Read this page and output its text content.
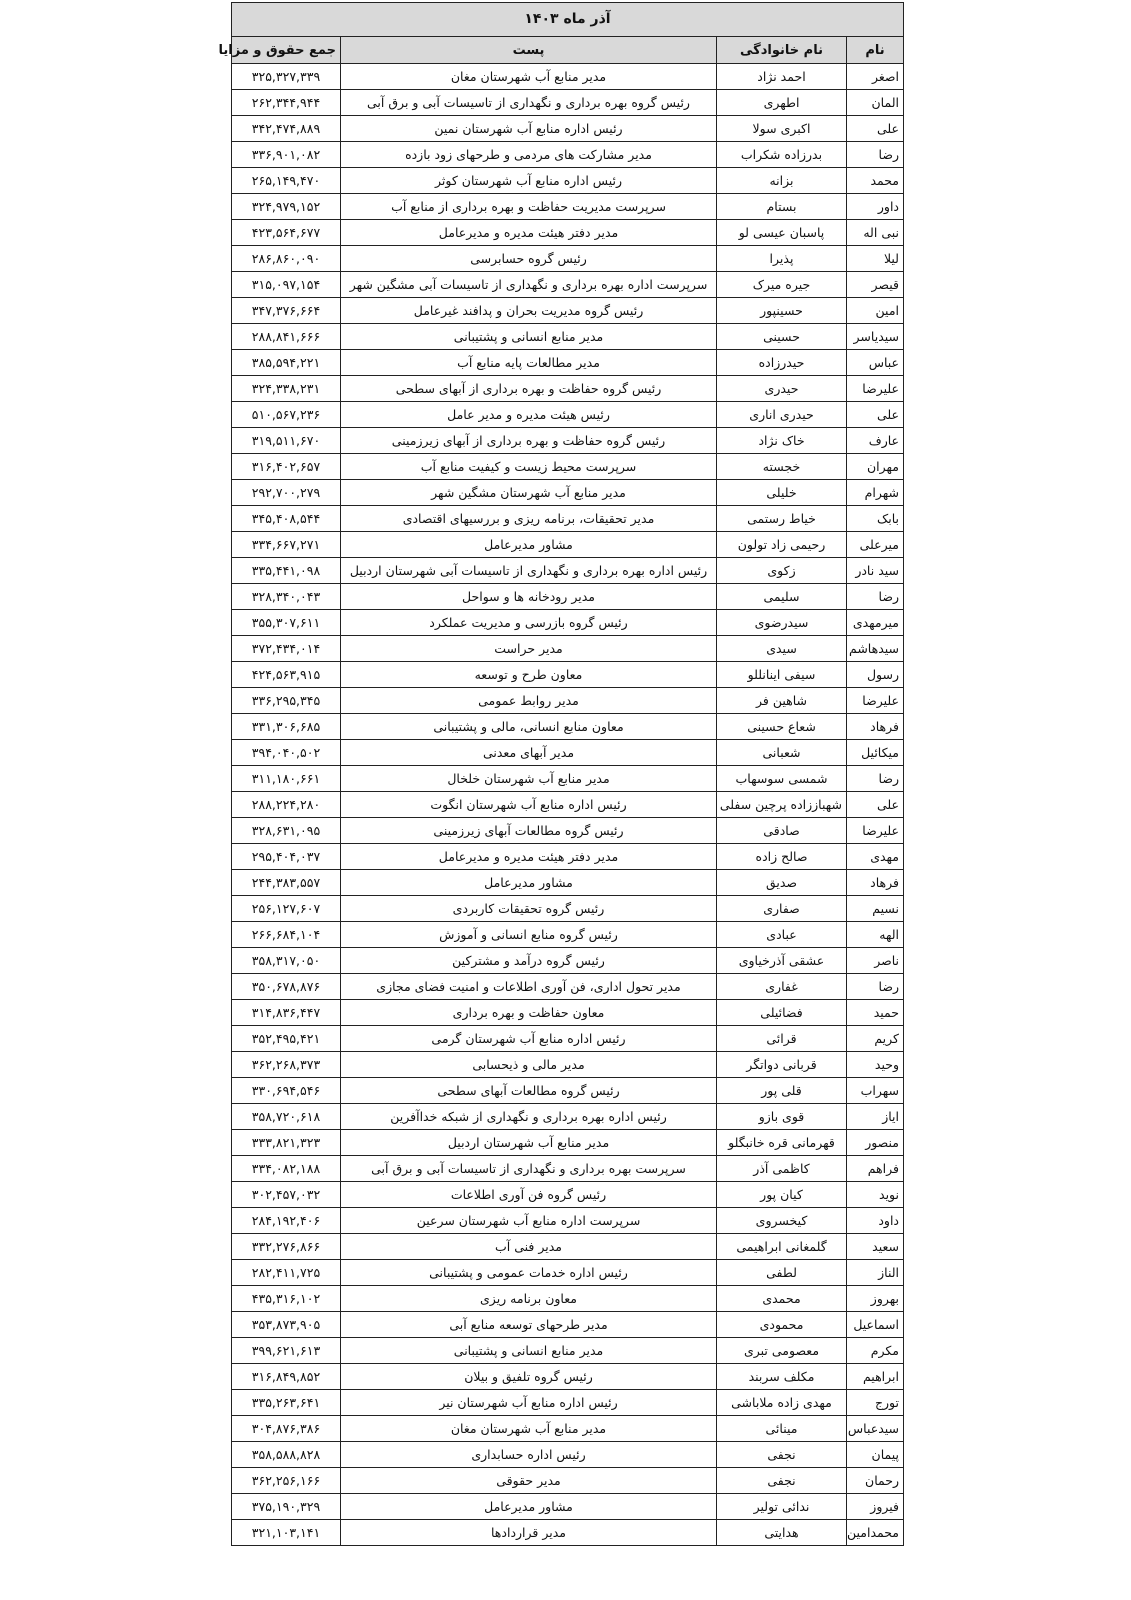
آذر ماه ۱۴۰۳			
نام	نام خانوادگی	پست	جمع حقوق و مزایا
اصغر	احمد نژاد	مدیر منابع آب شهرستان مغان	۳۲۵,۳۲۷,۳۳۹
المان	اطهری	رئیس گروه بهره برداری و نگهداری از تاسیسات آبی و برق آبی	۲۶۲,۳۴۴,۹۴۴
علی	اکبری سولا	رئیس اداره منابع آب شهرستان نمین	۳۴۲,۴۷۴,۸۸۹
رضا	بدرزاده شکراب	مدیر مشارکت های مردمی و طرحهای زود بازده	۳۳۶,۹۰۱,۰۸۲
محمد	بزانه	رئیس اداره منابع آب شهرستان کوثر	۲۶۵,۱۴۹,۴۷۰
داور	بستام	سرپرست مدیریت حفاظت و بهره برداری از منابع آب	۳۲۴,۹۷۹,۱۵۲
نبی اله	پاسبان عیسی لو	مدیر دفتر هیئت مدیره و مدیرعامل	۴۲۳,۵۶۴,۶۷۷
لیلا	پذیرا	رئیس گروه حسابرسی	۲۸۶,۸۶۰,۰۹۰
قیصر	جیره میرک	سرپرست اداره بهره برداری و نگهداری از تاسیسات آبی مشگین شهر	۳۱۵,۰۹۷,۱۵۴
امین	حسینپور	رئیس گروه مدیریت بحران و پدافند غیرعامل	۳۴۷,۳۷۶,۶۶۴
سیدیاسر	حسینی	مدیر منابع انسانی و پشتیبانی	۲۸۸,۸۴۱,۶۶۶
عباس	حیدرزاده	مدیر مطالعات پایه منابع آب	۳۸۵,۵۹۴,۲۲۱
علیرضا	حیدری	رئیس گروه حفاظت و بهره برداری از آبهای سطحی	۳۲۴,۳۳۸,۲۳۱
علی	حیدری اناری	رئیس هیئت مدیره و مدیر عامل	۵۱۰,۵۶۷,۲۳۶
عارف	خاک نژاد	رئیس گروه حفاظت و بهره برداری از آبهای زیرزمینی	۳۱۹,۵۱۱,۶۷۰
مهران	خجسته	سرپرست محیط زیست و کیفیت منابع آب	۳۱۶,۴۰۲,۶۵۷
شهرام	خلیلی	مدیر منابع آب شهرستان مشگین شهر	۲۹۲,۷۰۰,۲۷۹
بابک	خیاط رستمی	مدیر تحقیقات، برنامه ریزی و بررسیهای اقتصادی	۳۴۵,۴۰۸,۵۴۴
میرعلی	رحیمی زاد تولون	مشاور مدیرعامل	۳۳۴,۶۶۷,۲۷۱
سید نادر	زکوی	رئیس اداره بهره برداری و نگهداری از تاسیسات آبی شهرستان اردبیل	۳۳۵,۴۴۱,۰۹۸
رضا	سلیمی	مدیر رودخانه ها و سواحل	۳۲۸,۳۴۰,۰۴۳
میرمهدی	سیدرضوی	رئیس گروه بازرسی و مدیریت عملکرد	۳۵۵,۳۰۷,۶۱۱
سیدهاشم	سیدی	مدیر حراست	۳۷۲,۴۳۴,۰۱۴
رسول	سیفی اینانللو	معاون طرح و توسعه	۴۲۴,۵۶۳,۹۱۵
علیرضا	شاهین فر	مدیر روابط عمومی	۳۳۶,۲۹۵,۳۴۵
فرهاد	شعاع حسینی	معاون منابع انسانی، مالی و پشتیبانی	۳۳۱,۳۰۶,۶۸۵
میکائیل	شعبانی	مدیر آبهای معدنی	۳۹۴,۰۴۰,۵۰۲
رضا	شمسی سوسهاب	مدیر منابع آب شهرستان خلخال	۳۱۱,۱۸۰,۶۶۱
علی	شهباززاده پرچین سفلی	رئیس اداره منابع آب شهرستان انگوت	۲۸۸,۲۲۴,۲۸۰
علیرضا	صادقی	رئیس گروه مطالعات آبهای زیرزمینی	۳۲۸,۶۳۱,۰۹۵
مهدی	صالح زاده	مدیر دفتر هیئت مدیره و مدیرعامل	۲۹۵,۴۰۴,۰۳۷
فرهاد	صدیق	مشاور مدیرعامل	۲۴۴,۳۸۳,۵۵۷
نسیم	صفاری	رئیس گروه تحقیقات کاربردی	۲۵۶,۱۲۷,۶۰۷
الهه	عبادی	رئیس گروه منابع انسانی و آموزش	۲۶۶,۶۸۴,۱۰۴
ناصر	عشقی آذرخیاوی	رئیس گروه درآمد و مشترکین	۳۵۸,۳۱۷,۰۵۰
رضا	غفاری	مدیر تحول اداری، فن آوری اطلاعات و امنیت فضای مجازی	۳۵۰,۶۷۸,۸۷۶
حمید	فضائیلی	معاون حفاظت و بهره برداری	۳۱۴,۸۳۶,۴۴۷
کریم	قرائی	رئیس اداره منابع آب شهرستان گرمی	۳۵۲,۴۹۵,۴۲۱
وحید	قربانی دواتگر	مدیر مالی و ذیحسابی	۳۶۲,۲۶۸,۳۷۳
سهراب	قلی پور	رئیس گروه مطالعات آبهای سطحی	۳۳۰,۶۹۴,۵۴۶
ایاز	قوی بازو	رئیس اداره بهره برداری و نگهداری از شبکه خداآفرین	۳۵۸,۷۲۰,۶۱۸
منصور	قهرمانی قره خانبگلو	مدیر منابع آب شهرستان اردبیل	۳۳۳,۸۲۱,۳۲۳
فراهم	کاظمی آذر	سرپرست بهره برداری و نگهداری از تاسیسات آبی و برق آبی	۳۳۴,۰۸۲,۱۸۸
نوید	کیان پور	رئیس گروه فن آوری اطلاعات	۳۰۲,۴۵۷,۰۳۲
داود	کیخسروی	سرپرست اداره منابع آب شهرستان سرعین	۲۸۴,۱۹۲,۴۰۶
سعید	گلمغانی ابراهیمی	مدیر فنی آب	۳۳۲,۲۷۶,۸۶۶
الناز	لطفی	رئیس اداره خدمات عمومی و پشتیبانی	۲۸۲,۴۱۱,۷۲۵
بهروز	محمدی	معاون برنامه ریزی	۴۳۵,۳۱۶,۱۰۲
اسماعیل	محمودی	مدیر طرحهای توسعه منابع آبی	۳۵۳,۸۷۳,۹۰۵
مکرم	معصومی تبری	مدیر منابع انسانی و پشتیبانی	۳۹۹,۶۲۱,۶۱۳
ابراهیم	مکلف سربند	رئیس گروه تلفیق و بیلان	۳۱۶,۸۴۹,۸۵۲
تورج	مهدی زاده ملاباشی	رئیس اداره منابع آب شهرستان نیر	۳۳۵,۲۶۳,۶۴۱
سیدعباس	مینائی	مدیر منابع آب شهرستان مغان	۳۰۴,۸۷۶,۳۸۶
پیمان	نجفی	رئیس اداره حسابداری	۳۵۸,۵۸۸,۸۲۸
رحمان	نجفی	مدیر حقوقی	۳۶۲,۲۵۶,۱۶۶
فیروز	ندائی تولیر	مشاور مدیرعامل	۳۷۵,۱۹۰,۳۲۹
محمدامین	هدایتی	مدیر قراردادها	۳۲۱,۱۰۳,۱۴۱
